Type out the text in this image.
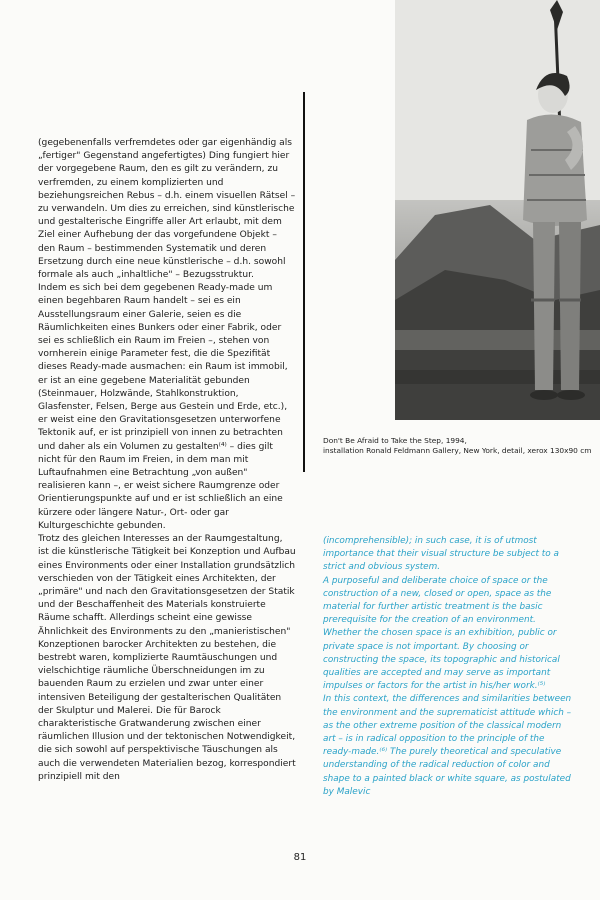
Don't Be Afraid to Take the Step, 1994,
installation Ronald Feldmann Gallery, New York, detail, xerox 130x90 cm

(gegebenenfalls verfremdetes oder gar eigenhändig als „fertiger" Gegenstand angefertigtes) Ding fungiert hier der vorgegebene Raum, den es gilt zu verändern, zu verfremden, zu einem komplizierten und beziehungsreichen Rebus – d.h. einem visuellen Rätsel – zu verwandeln. Um dies zu erreichen, sind künstlerische und gestalterische Eingriffe aller Art erlaubt, mit dem Ziel einer Aufhebung der das vorgefundene Objekt – den Raum – bestimmenden Systematik und deren Ersetzung durch eine neue künstlerische – d.h. sowohl formale als auch „inhaltliche" – Bezugsstruktur.

Indem es sich bei dem gegebenen Ready-made um einen begehbaren Raum handelt – sei es ein Ausstellungsraum einer Galerie, seien es die Räumlichkeiten eines Bunkers oder einer Fabrik, oder sei es schließlich ein Raum im Freien –, stehen von vornherein einige Parameter fest, die die Spezifität dieses Ready-made ausmachen: ein Raum ist immobil, er ist an eine gegebene Materialität gebunden (Steinmauer, Holzwände, Stahlkonstruktion, Glasfenster, Felsen, Berge aus Gestein und Erde, etc.), er weist eine den Gravitationsgesetzen unterworfene Tektonik auf, er ist prinzipiell von innen zu betrachten und daher als ein Volumen zu gestalten⁽⁴⁾ – dies gilt nicht für den Raum im Freien, in dem man mit Luftaufnahmen eine Betrachtung „von außen" realisieren kann –, er weist sichere Raumgrenze oder Orientierungspunkte auf und er ist schließlich an eine kürzere oder längere Natur-, Ort- oder gar Kulturgeschichte gebunden.

Trotz des gleichen Interesses an der Raumgestaltung, ist die künstlerische Tätigkeit bei Konzeption und Aufbau eines Environments oder einer Installation grundsätzlich verschieden von der Tätigkeit eines Architekten, der „primäre" und nach den Gravitationsgesetzen der Statik und der Beschaffenheit des Materials konstruierte Räume schafft. Allerdings scheint eine gewisse Ähnlichkeit des Environments zu den „manieristischen" Konzeptionen barocker Architekten zu bestehen, die bestrebt waren, komplizierte Raumtäuschungen und vielschichtige räumliche Überschneidungen im zu bauenden Raum zu erzielen und zwar unter einer intensiven Beteiligung der gestalterischen Qualitäten der Skulptur und Malerei. Die für Barock charakteristische Gratwanderung zwischen einer räumlichen Illusion und der tektonischen Notwendigkeit, die sich sowohl auf perspektivische Täuschungen als auch die verwendeten Materialien bezog, korrespondiert prinzipiell mit den

(incomprehensible); in such case, it is of utmost importance that their visual structure be subject to a strict and obvious system.

A purposeful and deliberate choice of space or the construction of a new, closed or open, space as the material for further artistic treatment is the basic prerequisite for the creation of an environment. Whether the chosen space is an exhibition, public or private space is not important. By choosing or constructing the space, its topographic and historical qualities are accepted and may serve as important impulses or factors for the artist in his/her work.⁽⁵⁾

In this context, the differences and similarities between the environment and the suprematicist attitude which – as the other extreme position of the classical modern art – is in radical opposition to the principle of the ready-made.⁽⁶⁾ The purely theoretical and speculative understanding of the radical reduction of color and shape to a painted black or white square, as postulated by Malevic

81
